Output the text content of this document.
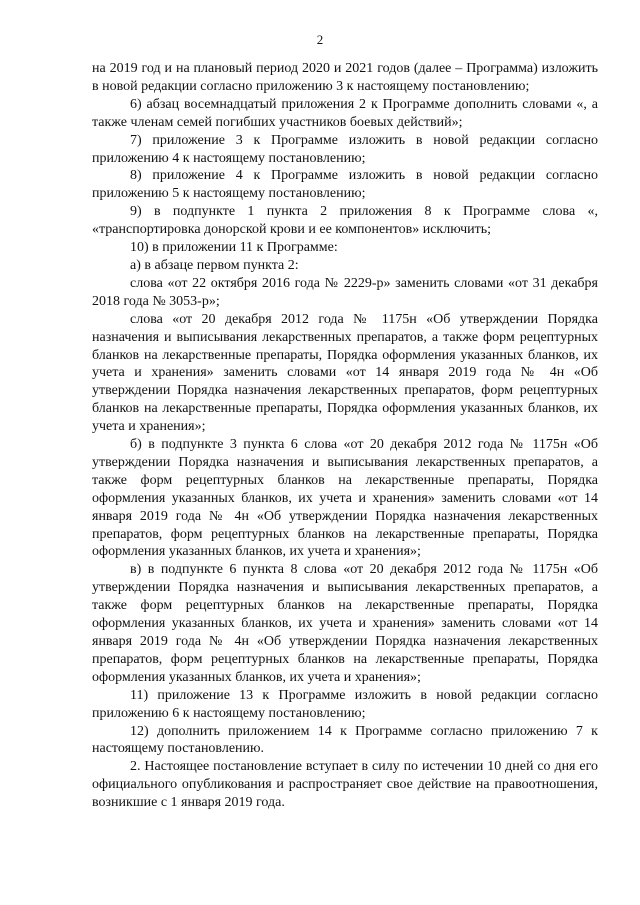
2

на 2019 год и на плановый период 2020 и 2021 годов (далее – Программа) изложить в новой редакции согласно приложению 3 к настоящему постановлению;

6) абзац восемнадцатый приложения 2 к Программе дополнить словами «, а также членам семей погибших участников боевых действий»;

7) приложение 3 к Программе изложить в новой редакции согласно приложению 4 к настоящему постановлению;

8) приложение 4 к Программе изложить в новой редакции согласно приложению 5 к настоящему постановлению;

9) в подпункте 1 пункта 2 приложения 8 к Программе слова «, «транспортировка донорской крови и ее компонентов» исключить;

10) в приложении 11 к Программе:

а) в абзаце первом пункта 2:

слова «от 22 октября 2016 года № 2229-р» заменить словами «от 31 декабря 2018 года № 3053-р»;

слова «от 20 декабря 2012 года № 1175н «Об утверждении Порядка назначения и выписывания лекарственных препаратов, а также форм рецептурных бланков на лекарственные препараты, Порядка оформления указанных бланков, их учета и хранения» заменить словами «от 14 января 2019 года № 4н «Об утверждении Порядка назначения лекарственных препаратов, форм рецептурных бланков на лекарственные препараты, Порядка оформления указанных бланков, их учета и хранения»;

б) в подпункте 3 пункта 6 слова «от 20 декабря 2012 года № 1175н «Об утверждении Порядка назначения и выписывания лекарственных препаратов, а также форм рецептурных бланков на лекарственные препараты, Порядка оформления указанных бланков, их учета и хранения» заменить словами «от 14 января 2019 года № 4н «Об утверждении Порядка назначения лекарственных препаратов, форм рецептурных бланков на лекарственные препараты, Порядка оформления указанных бланков, их учета и хранения»;

в) в подпункте 6 пункта 8 слова «от 20 декабря 2012 года № 1175н «Об утверждении Порядка назначения и выписывания лекарственных препаратов, а также форм рецептурных бланков на лекарственные препараты, Порядка оформления указанных бланков, их учета и хранения» заменить словами «от 14 января 2019 года № 4н «Об утверждении Порядка назначения лекарственных препаратов, форм рецептурных бланков на лекарственные препараты, Порядка оформления указанных бланков, их учета и хранения»;

11) приложение 13 к Программе изложить в новой редакции согласно приложению 6 к настоящему постановлению;

12) дополнить приложением 14 к Программе согласно приложению 7 к настоящему постановлению.

2. Настоящее постановление вступает в силу по истечении 10 дней со дня его официального опубликования и распространяет свое действие на правоотношения, возникшие с 1 января 2019 года.
